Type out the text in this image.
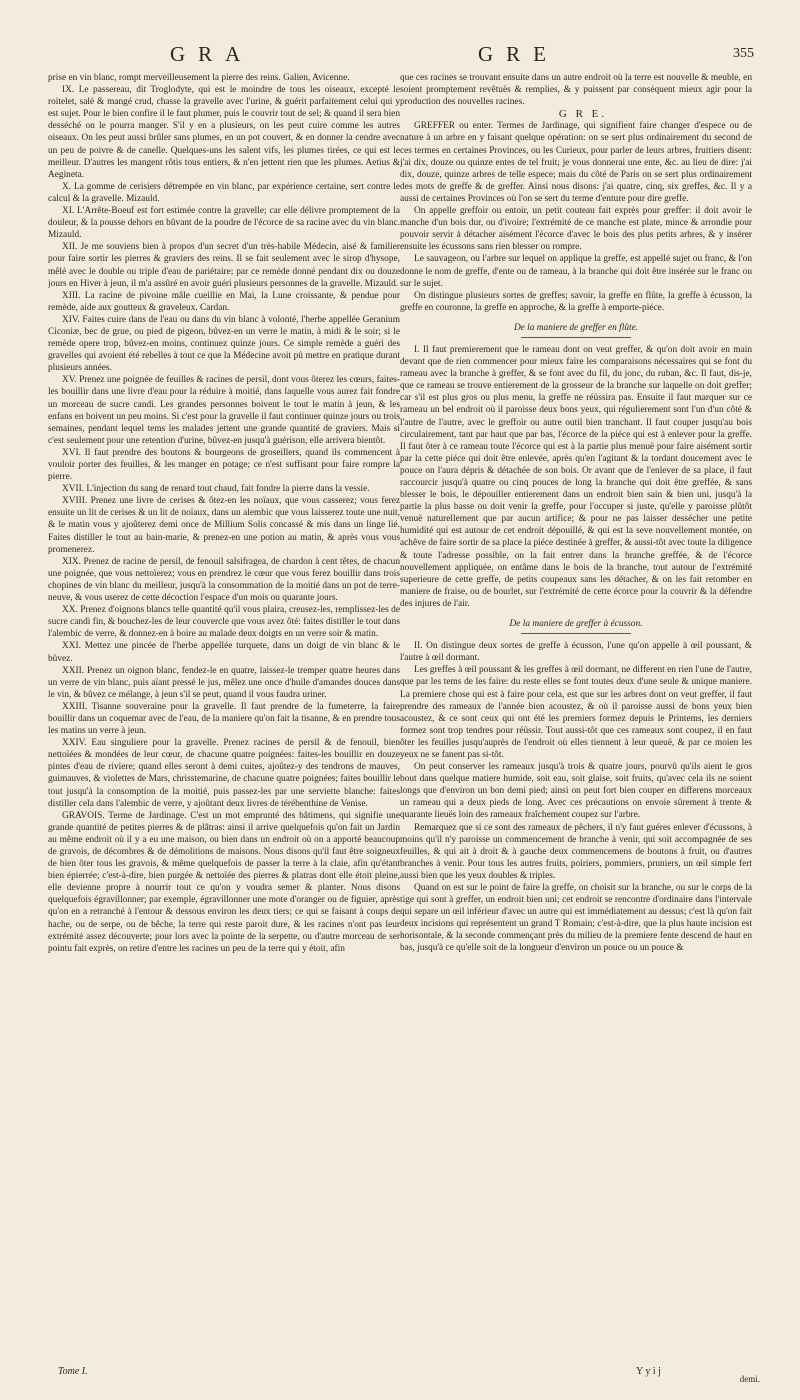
GRA	GRE	355

prise en vin blanc, rompt merveilleusement la pierre des reins. Galien, Avicenne.

IX. Le passereau, dit Troglodyte, qui est le moindre de tous les oiseaux, excepté le roitelet, salé & mangé crud, chasse la gravelle avec l'urine, & guérit parfaitement celui qui y est sujet. Pour le bien confire il le faut plumer, puis le couvrir tout de sel; & quand il sera bien desséché on le pourra manger. S'il y en a plusieurs, on les peut cuire comme les autres oiseaux. On les peut aussi brûler sans plumes, en un pot couvert, & en donner la cendre avec un peu de poivre & de canelle. Quelques-uns les salent vifs, les plumes tirées, ce qui est le meilleur. D'autres les mangent rôtis tous entiers, & n'en jettent rien que les plumes. Aetius & Aegineta.

X. La gomme de cerisiers détrempée en vin blanc, par expérience certaine, sert contre le calcul & la gravelle. Mizauld.

XI. L'Arrête-Boeuf est fort estimée contre la gravelle; car elle délivre promptement de la douleur, & la pousse dehors en bûvant de la poudre de l'écorce de sa racine avec du vin blanc. Mizauld.

XII. Je me souviens bien à propos d'un secret d'un très-habile Médecin, aisé & familier pour faire sortir les pierres & graviers des reins. Il se fait seulement avec le sirop d'hysope, mêlé avec le double ou triple d'eau de pariétaire; par ce remède donné pendant dix ou douze jours en Hiver à jeun, il m'a assûré en avoir guéri plusieurs personnes de la gravelle. Mizauld.

XIII. La racine de pivoine mâle cueillie en Mai, la Lune croissante, & pendue pour remède, aide aux goutteux & graveleux. Cardan.

XIV. Faites cuire dans de l'eau ou dans du vin blanc à volonté, l'herbe appellée Geranium Ciconiæ, bec de grue, ou pied de pigeon, bûvez-en un verre le matin, à midi & le soir; si le remède opere trop, bûvez-en moins, continuez quinze jours. Ce simple remède a guéri des gravelles qui avoient été rebelles à tout ce que la Médecine avoit pû mettre en pratique durant plusieurs années.

XV. Prenez une poignée de feuilles & racines de persil, dont vous ôterez les cœurs, faites-les bouillir dans une livre d'eau pour la réduire à moitié, dans laquelle vous aurez fait fondre un morceau de sucre candi. Les grandes personnes boivent le tout le matin à jeun, & les enfans en boivent un peu moins. Si c'est pour la gravelle il faut continuer quinze jours ou trois semaines, pendant lequel tems les malades jettent une grande quantité de graviers. Mais si c'est seulement pour une retention d'urine, bûvez-en jusqu'à guérison, elle arrivera bientôt.

XVI. Il faut prendre des boutons & bourgeons de groseillers, quand ils commencent à vouloir porter des feuilles, & les manger en potage; ce n'est suffisant pour faire rompre la pierre.

XVII. L'injection du sang de renard tout chaud, fait fondre la pierre dans la vessie.

XVIII. Prenez une livre de cerises & ôtez-en les noïaux, que vous casserez; vous ferez ensuite un lit de cerises & un lit de noïaux, dans un alembic que vous laisserez toute une nuit, & le matin vous y ajoûterez demi once de Millium Solis concassé & mis dans un linge lié. Faites distiller le tout au bain-marie, & prenez-en une potion au matin, & après vous vous promenerez.

XIX. Prenez de racine de persil, de fenouil salsifragea, de chardon à cent têtes, de chacun une poignée, que vous nettoïerez; vous en prendrez le cœur que vous ferez bouillir dans trois chopines de vin blanc du meilleur, jusqu'à la consommation de la moitié dans un pot de terre-neuve, & vous userez de cette décoction l'espace d'un mois ou quarante jours.

XX. Prenez d'oignons blancs telle quantité qu'il vous plaira, creusez-les, remplissez-les de sucre candi fin, & bouchez-les de leur couvercle que vous avez ôté: faites distiller le tout dans l'alembic de verre, & donnez-en à boire au malade deux doigts en un verre soir & matin.

XXI. Mettez une pincée de l'herbe appellée turquete, dans un doigt de vin blanc & le bûvez.

XXII. Prenez un oignon blanc, fendez-le en quatre, laissez-le tremper quatre heures dans un verre de vin blanc, puis aïant pressé le jus, mêlez une once d'huile d'amandes douces dans le vin, & bûvez ce mélange, à jeun s'il se peut, quand il vous faudra uriner.

XXIII. Tisanne souveraine pour la gravelle. Il faut prendre de la fumeterre, la faire bouillir dans un coquemar avec de l'eau, de la maniere qu'on fait la tisanne, & en prendre tous les matins un verre à jeun.

XXIV. Eau singuliere pour la gravelle. Prenez racines de persil & de fenouil, bien nettoïées & mondées de leur cœur, de chacune quatre poignées: faites-les bouillir en douze pintes d'eau de riviere; quand elles seront à demi cuites, ajoûtez-y des tendrons de mauves, guimauves, & violettes de Mars, chrisstemarine, de chacune quatre poignées; faites bouillir le tout jusqu'à la consomption de la moitié, puis passez-les par une serviette blanche: faites distiller cela dans l'alembic de verre, y ajoûtant deux livres de térébenthine de Venise.

GRAVOIS. Terme de Jardinage. C'est un mot emprunté des bâtimens, qui signifie une grande quantité de petites pierres & de plâtras: ainsi il arrive quelquefois qu'on fait un Jardin au même endroit où il y a eu une maison, ou bien dans un endroit où on a apporté beaucoup de gravois, de décombres & de démolitions de maisons. Nous disons qu'il faut être soigneux de bien ôter tous les gravois, & même quelquefois de passer la terre à la claie, afin qu'étant bien épierrée; c'est-à-dire, bien purgée & nettoïée des pierres & platras dont elle étoit pleine, elle devienne propre à nourrir tout ce qu'on y voudra semer & planter. Nous disons quelquefois égravillonner; par exemple, égravillonner une mote d'oranger ou de figuier, après qu'on en a retranché à l'entour & dessous environ les deux tiers; ce qui se faisant à coups de hache, ou de serpe, ou de bêche, la terre qui reste paroit dure, & les racines n'ont pas leur extrémité assez découverte; pour lors avec la pointe de la serpette, ou d'autre morceau de ser pointu fait exprès, on retire d'entre les racines un peu de la terre qui y étoit, afin

que ces racines se trouvant ensuite dans un autre endroit où la terre est nouvelle & meuble, en soient promptement revêtuës & remplies, & y puissent par conséquent mieux agir pour la production des nouvelles racines.

G R E.

GREFFER ou enter. Termes de Jardinage, qui signifient faire changer d'espece ou de nature à un arbre en y faisant quelque opération: on se sert plus ordinairement du second de ces termes en certaines Provinces, ou les Curieux, pour parler de leurs arbres, fruitiers disent: j'ai dix, douze ou quinze entes de tel fruit; je vous donnerai une ente, &c. au lieu de dire: j'ai dix, douze, quinze arbres de telle espece; mais du côté de Paris on se sert plus ordinairement des mots de greffe & de greffer. Ainsi nous disons: j'ai quatre, cinq, six greffes, &c. Il y a aussi de certaines Provinces où l'on se sert du terme d'enture pour dire greffe.

On appelle greffoir ou entoir, un petit couteau fait exprès pour greffer: il doit avoir le manche d'un bois dur, ou d'ivoire; l'extrémité de ce manche est plate, mince & arrondie pour pouvoir servir à détacher aisément l'écorce d'avec le bois des plus petits arbres, & y insérer ensuite les écussons sans rien blesser ou rompre.

Le sauvageon, ou l'arbre sur lequel on applique la greffe, est appellé sujet ou franc, & l'on donne le nom de greffe, d'ente ou de rameau, à la branche qui doit être insérée sur le franc ou sur le sujet.

On distingue plusieurs sortes de greffes; savoir, la greffe en flûte, la greffe à écusson, la greffe en couronne, la greffe en approche, & la greffe à emporte-piéce.

De la maniere de greffer en flûte.

I. Il faut premierement que le rameau dont on veut greffer, & qu'on doit avoir en main devant que de rien commencer pour mieux faire les comparaisons nécessaires qui se font du rameau avec la branche à greffer, & se font avec du fil, du jonc, du ruban, &c. Il faut, dis-je, que ce rameau se trouve entierement de la grosseur de la branche sur laquelle on doit greffer; car s'il est plus gros ou plus menu, la greffe ne réüssira pas. Ensuite il faut marquer sur ce rameau un bel endroit où il paroisse deux bons yeux, qui régulierement sont l'un d'un côté & l'autre de l'autre, avec le greffoir ou autre outil bien tranchant. Il faut couper jusqu'au bois circulairement, tant par haut que par bas, l'écorce de la piéce qui est à enlever pour la greffe. Il faut ôter à ce rameau toute l'écorce qui est à la partie plus menuë pour faire aisément sortir par la cette piéce qui doit être enlevée, après qu'en l'agitant & la tordant doucement avec le pouce on l'aura dépris & détachée de son bois. Or avant que de l'enlever de sa place, il faut raccourcir jusqu'à quatre ou cinq pouces de long la branche qui doit être greffée, & sans blesser le bois, le dépouiller entierement dans un endroit bien sain & bien uni, jusqu'à la partie la plus basse ou doit venir la greffe, pour l'occuper si juste, qu'elle y paroisse plûtôt venuë naturellement que par aucun artifice; & pour ne pas laisser dessécher une petite humidité qui est autour de cet endroit dépouillé, & qui est la seve nouvellement montée, on achêve de faire sortir de sa place la piéce destinée à greffer, & aussi-tôt avec toute la diligence & toute l'adresse possible, on la fait entrer dans la branche greffée, & de l'écorce nouvellement appliquée, on entâme dans le bois de la branche, tout autour de l'extrémité superieure de cette greffe, de petits coupeaux sans les détacher, & on les fait retomber en maniere de fraise, ou de bourlet, sur l'extrémité de cette écorce pour la couvrir & la défendre des injures de l'air.

De la maniere de greffer à écusson.

II. On distingue deux sortes de greffe à écusson, l'une qu'on appelle à œil poussant, & l'autre à œil dormant.

Les greffes à œil poussant & les greffes à œil dormant, ne different en rien l'une de l'autre, que par les tems de les faire: du reste elles se font toutes deux d'une seule & unique maniere. La premiere chose qui est à faire pour cela, est que sur les arbres dont on veut greffer, il faut prendre des rameaux de l'année bien acoustez, & où il paroisse aussi de bons yeux bien acoustez, & ce sont ceux qui ont été les premiers formez depuis le Printems, les derniers formez sont trop tendres pour réüssir. Tout aussi-tôt que ces rameaux sont coupez, il en faut ôter les feuilles jusqu'auprès de l'endroit où elles tiennent à leur queuë, & par ce moien les yeux ne se fanent pas si-tôt.

On peut conserver les rameaux jusqu'à trois & quatre jours, pourvû qu'ils aient le gros bout dans quelque matiere humide, soit eau, soit glaise, soit fruits, qu'avec cela ils ne soient longs que d'environ un bon demi pied; ainsi on peut fort bien couper en differens morceaux un rameau qui a deux pieds de long. Avec ces précautions on envoie sûrement à trente & quarante lieuës loin des rameaux fraîchement coupez sur l'arbre.

Remarquez que si ce sont des rameaux de pêchers, il n'y faut guéres enlever d'écussons, à moins qu'il n'y paroisse un commencement de branche à venir, qui soit accompagnée de ses feuilles, & qui ait à droit & à gauche deux commencemens de boutons à fruit, ou d'autres branches à venir. Pour tous les autres fruits, poiriers, pommiers, pruniers, un œil simple fert aussi bien que les yeux doubles & triples.

Quand on est sur le point de faire la greffe, on choisit sur la branche, ou sur le corps de la tige qui sont à greffer, un endroit bien uni; cet endroit se rencontre d'ordinaire dans l'intervale qui separe un œil inférieur d'avec un autre qui est immédiatement au dessus; c'est là qu'on fait deux incisions qui représentent un grand T Romain; c'est-à-dire, que la plus haute incision est horisontale, & la seconde commençant près du milieu de la premiere fente descend de haut en bas, jusqu'à ce qu'elle soit de la longueur d'environ un pouce ou un pouce &

Tome I.	Y y i j
demi.
